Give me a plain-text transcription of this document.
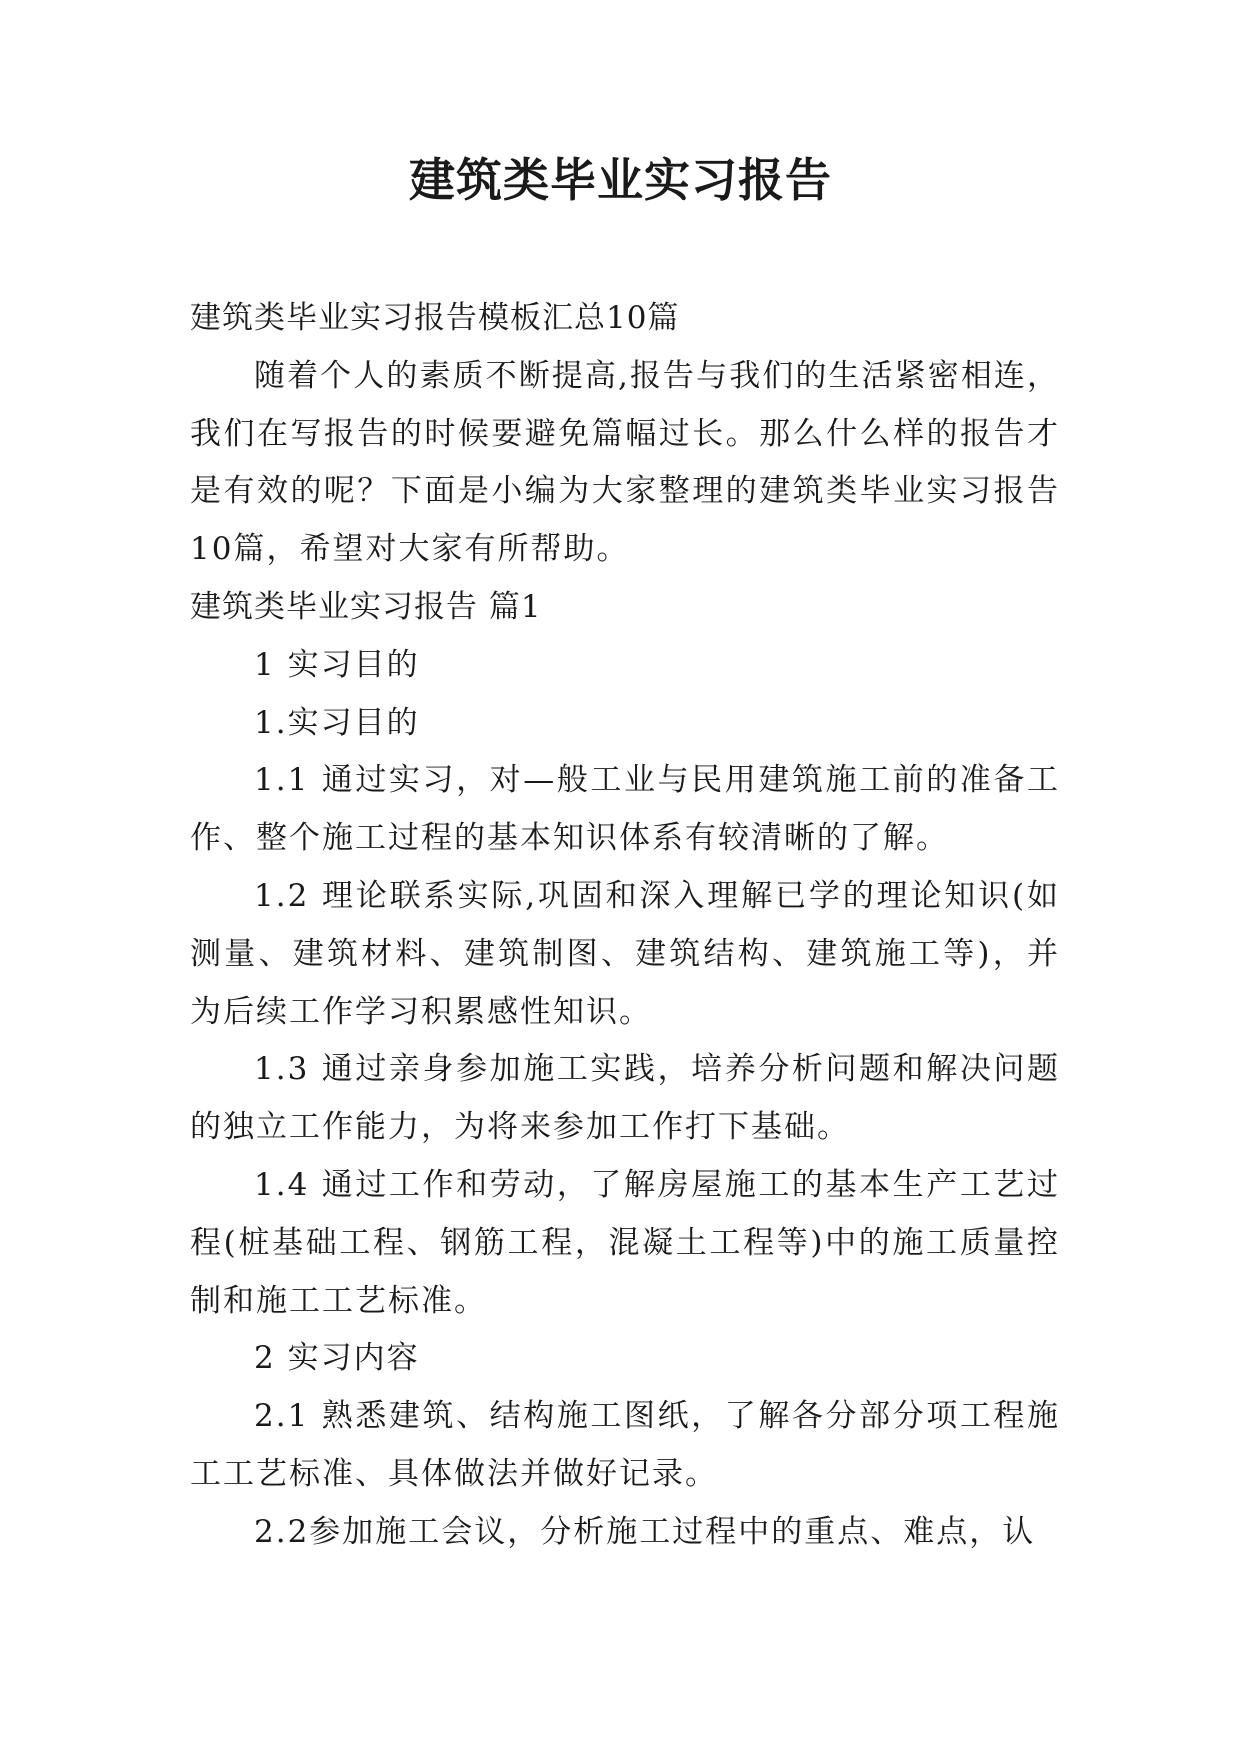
建筑类毕业实习报告

建筑类毕业实习报告模板汇总10篇

随着个人的素质不断提高,报告与我们的生活紧密相连，我们在写报告的时候要避免篇幅过长。那么什么样的报告才是有效的呢？下面是小编为大家整理的建筑类毕业实习报告10篇，希望对大家有所帮助。

建筑类毕业实习报告 篇1

1 实习目的

1.实习目的

1.1 通过实习，对—般工业与民用建筑施工前的准备工作、整个施工过程的基本知识体系有较清晰的了解。

1.2 理论联系实际,巩固和深入理解已学的理论知识(如测量、建筑材料、建筑制图、建筑结构、建筑施工等)，并为后续工作学习积累感性知识。

1.3 通过亲身参加施工实践，培养分析问题和解决问题的独立工作能力，为将来参加工作打下基础。

1.4 通过工作和劳动，了解房屋施工的基本生产工艺过程(桩基础工程、钢筋工程，混凝土工程等)中的施工质量控制和施工工艺标准。

2 实习内容

2.1 熟悉建筑、结构施工图纸，了解各分部分项工程施工工艺标准、具体做法并做好记录。

2.2参加施工会议，分析施工过程中的重点、难点，认
